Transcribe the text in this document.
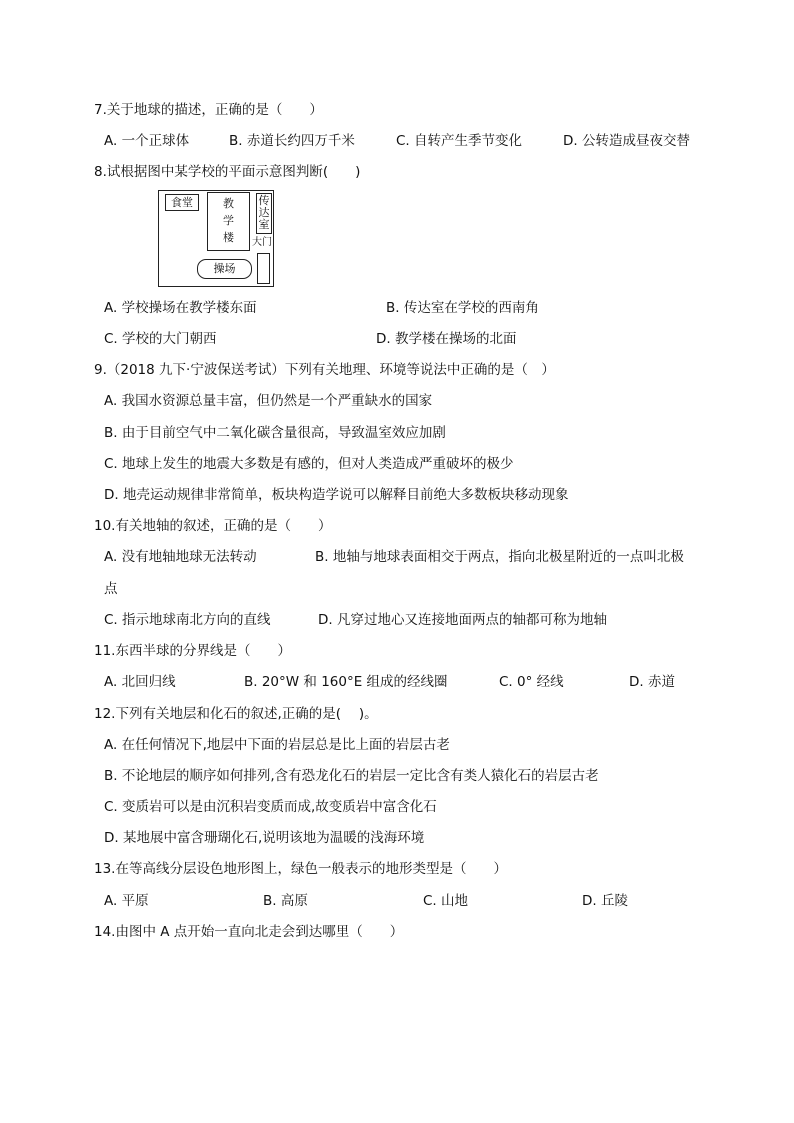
7.关于地球的描述，正确的是（　　）
A. 一个正球体	B. 赤道长约四万千米	C. 自转产生季节变化	D. 公转造成昼夜交替
8.试根据图中某学校的平面示意图判断(　　)
食堂	教
学
楼
传
达
室
大门
操场
A. 学校操场在教学楼东面	B. 传达室在学校的西南角
C. 学校的大门朝西	D. 教学楼在操场的北面
9.（2018 九下·宁波保送考试）下列有关地理、环境等说法中正确的是（　）
A. 我国水资源总量丰富，但仍然是一个严重缺水的国家
B. 由于目前空气中二氧化碳含量很高，导致温室效应加剧
C. 地球上发生的地震大多数是有感的，但对人类造成严重破坏的极少
D. 地壳运动规律非常简单，板块构造学说可以解释目前绝大多数板块移动现象
10.有关地轴的叙述，正确的是（　　）
A. 没有地轴地球无法转动	B. 地轴与地球表面相交于两点，指向北极星附近的一点叫北极
点
C. 指示地球南北方向的直线	D. 凡穿过地心又连接地面两点的轴都可称为地轴
11.东西半球的分界线是（　　）
A. 北回归线	B. 20°W 和 160°E 组成的经线圈	C. 0° 经线	D. 赤道
12.下列有关地层和化石的叙述,正确的是(　 )。
A. 在任何情况下,地层中下面的岩层总是比上面的岩层古老
B. 不论地层的顺序如何排列,含有恐龙化石的岩层一定比含有类人猿化石的岩层古老
C. 变质岩可以是由沉积岩变质而成,故变质岩中富含化石
D. 某地展中富含珊瑚化石,说明该地为温暖的浅海环境
13.在等高线分层设色地形图上，绿色一般表示的地形类型是（　　）
A. 平原	B. 高原	C. 山地	D. 丘陵
14.由图中 A 点开始一直向北走会到达哪里（　　）
